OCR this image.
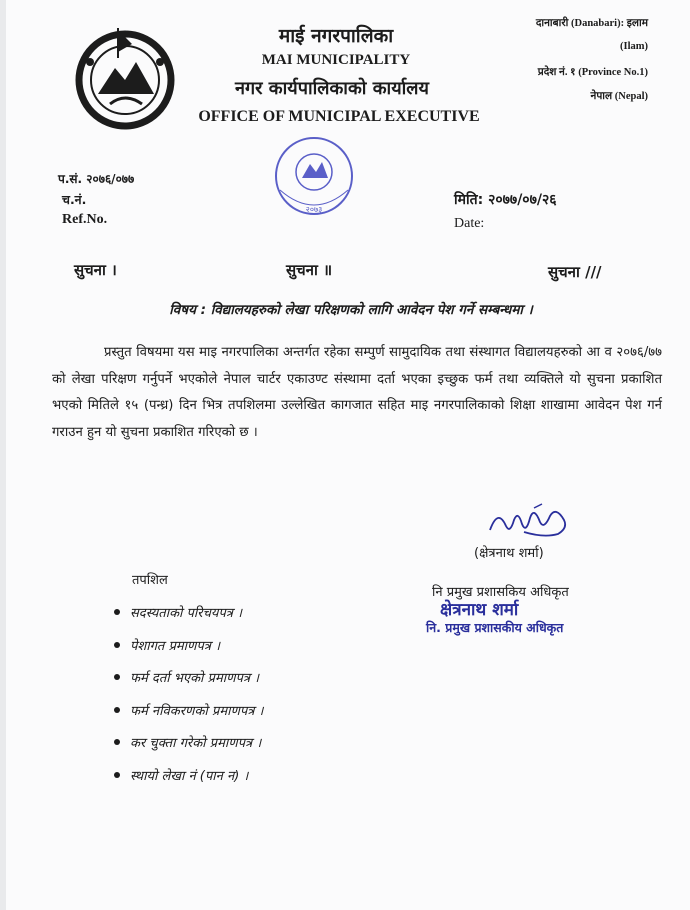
माई नगरपालिका
MAI MUNICIPALITY
नगर कार्यपालिकाको कार्यालय
OFFICE OF MUNICIPAL EXECUTIVE
दानाबारी (Danabari): इलाम
(Ilam)
प्रदेश नं. १ (Province No.1)
नेपाल (Nepal)
२०७३
प.सं. २०७६/०७७
च.नं.
Ref.No.
मिति: २०७७/०७/२६
Date:
सुचना ।	सुचना ॥	सुचना ///
विषय : विद्यालयहरुको लेखा परिक्षणको लागि आवेदन पेश गर्ने सम्बन्धमा ।
प्रस्तुत विषयमा यस माइ नगरपालिका अन्तर्गत रहेका सम्पुर्ण सामुदायिक तथा संस्थागत विद्यालयहरुको आ व २०७६/७७ को लेखा परिक्षण गर्नुपर्ने भएकोले नेपाल चार्टर एकाउण्ट संस्थामा दर्ता भएका इच्छुक फर्म तथा व्यक्तिले यो सुचना प्रकाशित भएको मितिले १५ (पन्ध्र) दिन भित्र तपशिलमा उल्लेखित कागजात सहित माइ नगरपालिकाको शिक्षा शाखामा आवेदन पेश गर्न गराउन हुन यो सुचना प्रकाशित गरिएको छ ।
(क्षेत्रनाथ शर्मा)
नि प्रमुख प्रशासकिय अधिकृत
क्षेत्रनाथ शर्मा
नि. प्रमुख प्रशासकीय अधिकृत
तपशिल
सदस्यताको परिचयपत्र ।
पेशागत प्रमाणपत्र ।
फर्म दर्ता भएको प्रमाणपत्र ।
फर्म नविकरणको प्रमाणपत्र ।
कर चुक्ता गरेको प्रमाणपत्र ।
स्थायो लेखा नं (पान न) ।
